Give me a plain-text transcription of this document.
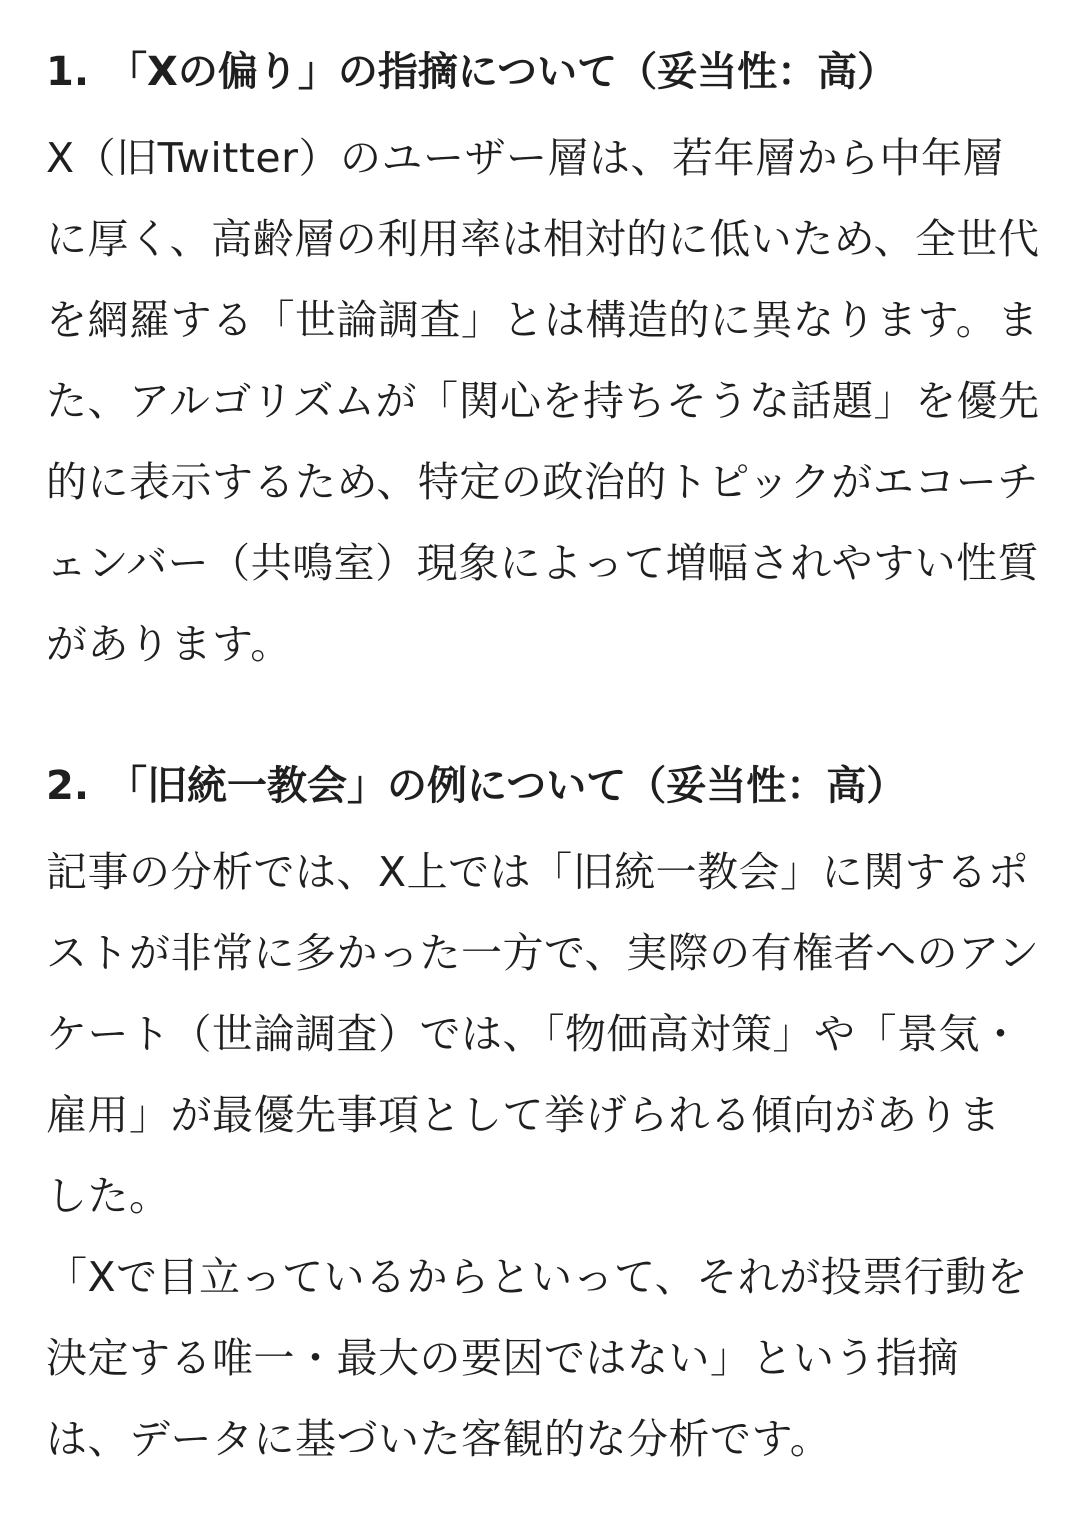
1. 「Xの偏り」の指摘について（妥当性：高）

X（旧Twitter）のユーザー層は、若年層から中年層に厚く、高齢層の利用率は相対的に低いため、全世代を網羅する「世論調査」とは構造的に異なります。また、アルゴリズムが「関心を持ちそうな話題」を優先的に表示するため、特定の政治的トピックがエコーチェンバー（共鳴室）現象によって増幅されやすい性質があります。

2. 「旧統一教会」の例について（妥当性：高）

記事の分析では、X上では「旧統一教会」に関するポストが非常に多かった一方で、実際の有権者へのアンケート（世論調査）では、「物価高対策」や「景気・雇用」が最優先事項として挙げられる傾向がありました。

「Xで目立っているからといって、それが投票行動を決定する唯一・最大の要因ではない」という指摘は、データに基づいた客観的な分析です。
